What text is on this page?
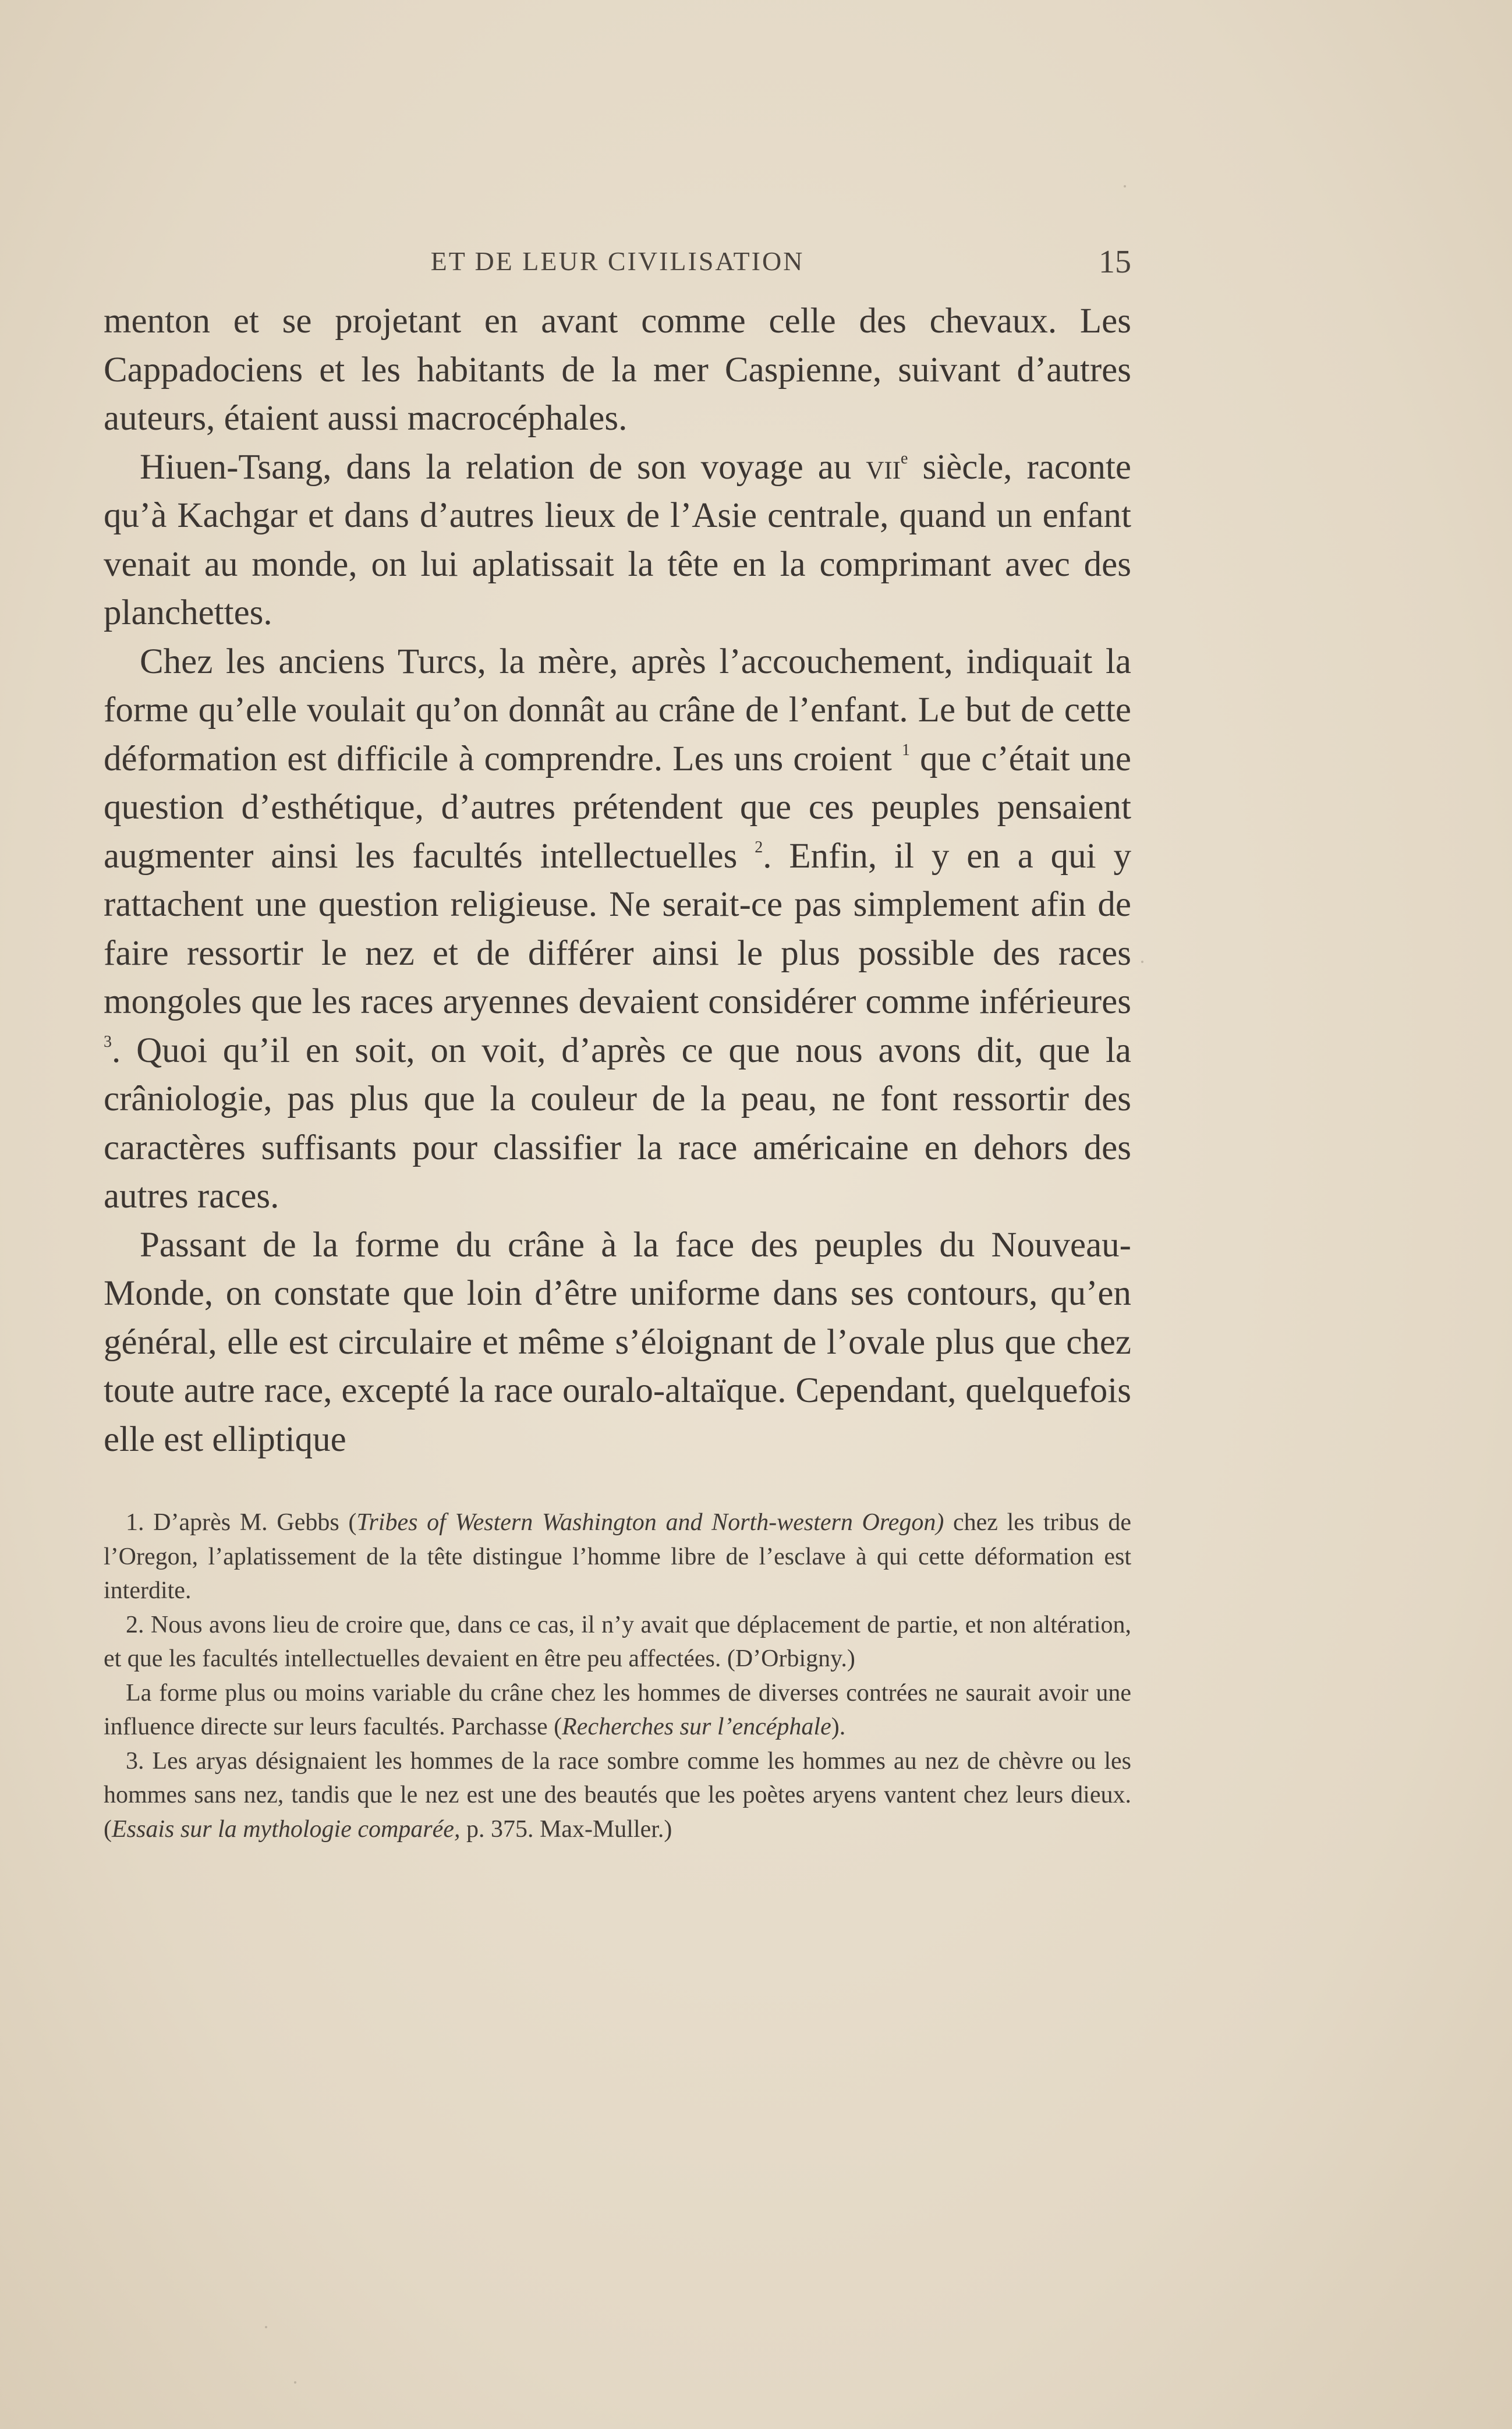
ET DE LEUR CIVILISATION	15

menton et se projetant en avant comme celle des chevaux. Les Cappadociens et les habitants de la mer Caspienne, suivant d’autres auteurs, étaient aussi macrocéphales.

Hiuen-Tsang, dans la relation de son voyage au vii$^e$ siècle, raconte qu’à Kachgar et dans d’autres lieux de l’Asie centrale, quand un enfant venait au monde, on lui aplatissait la tête en la comprimant avec des planchettes.

Chez les anciens Turcs, la mère, après l’accouchement, indiquait la forme qu’elle voulait qu’on donnât au crâne de l’enfant. Le but de cette déformation est difficile à comprendre. Les uns croient $^1$ que c’était une question d’esthétique, d’autres prétendent que ces peuples pensaient augmenter ainsi les facultés intellectuelles $^2$. Enfin, il y en a qui y rattachent une question religieuse. Ne serait-ce pas simplement afin de faire ressortir le nez et de différer ainsi le plus possible des races mongoles que les races aryennes devaient considérer comme inférieures $^3$. Quoi qu’il en soit, on voit, d’après ce que nous avons dit, que la crâniologie, pas plus que la couleur de la peau, ne font ressortir des caractères suffisants pour classifier la race américaine en dehors des autres races.

Passant de la forme du crâne à la face des peuples du Nouveau-Monde, on constate que loin d’être uniforme dans ses contours, qu’en général, elle est circulaire et même s’éloignant de l’ovale plus que chez toute autre race, excepté la race ouralo-altaïque. Cependant, quelquefois elle est elliptique

1. D’après M. Gebbs (Tribes of Western Washington and North-western Oregon) chez les tribus de l’Oregon, l’aplatissement de la tête distingue l’homme libre de l’esclave à qui cette déformation est interdite.

2. Nous avons lieu de croire que, dans ce cas, il n’y avait que déplacement de partie, et non altération, et que les facultés intellectuelles devaient en être peu affectées. (D’Orbigny.)

La forme plus ou moins variable du crâne chez les hommes de diverses contrées ne saurait avoir une influence directe sur leurs facultés. Parchasse (Recherches sur l’encéphale).

3. Les aryas désignaient les hommes de la race sombre comme les hommes au nez de chèvre ou les hommes sans nez, tandis que le nez est une des beautés que les poètes aryens vantent chez leurs dieux. (Essais sur la mythologie comparée, p. 375. Max-Muller.)
